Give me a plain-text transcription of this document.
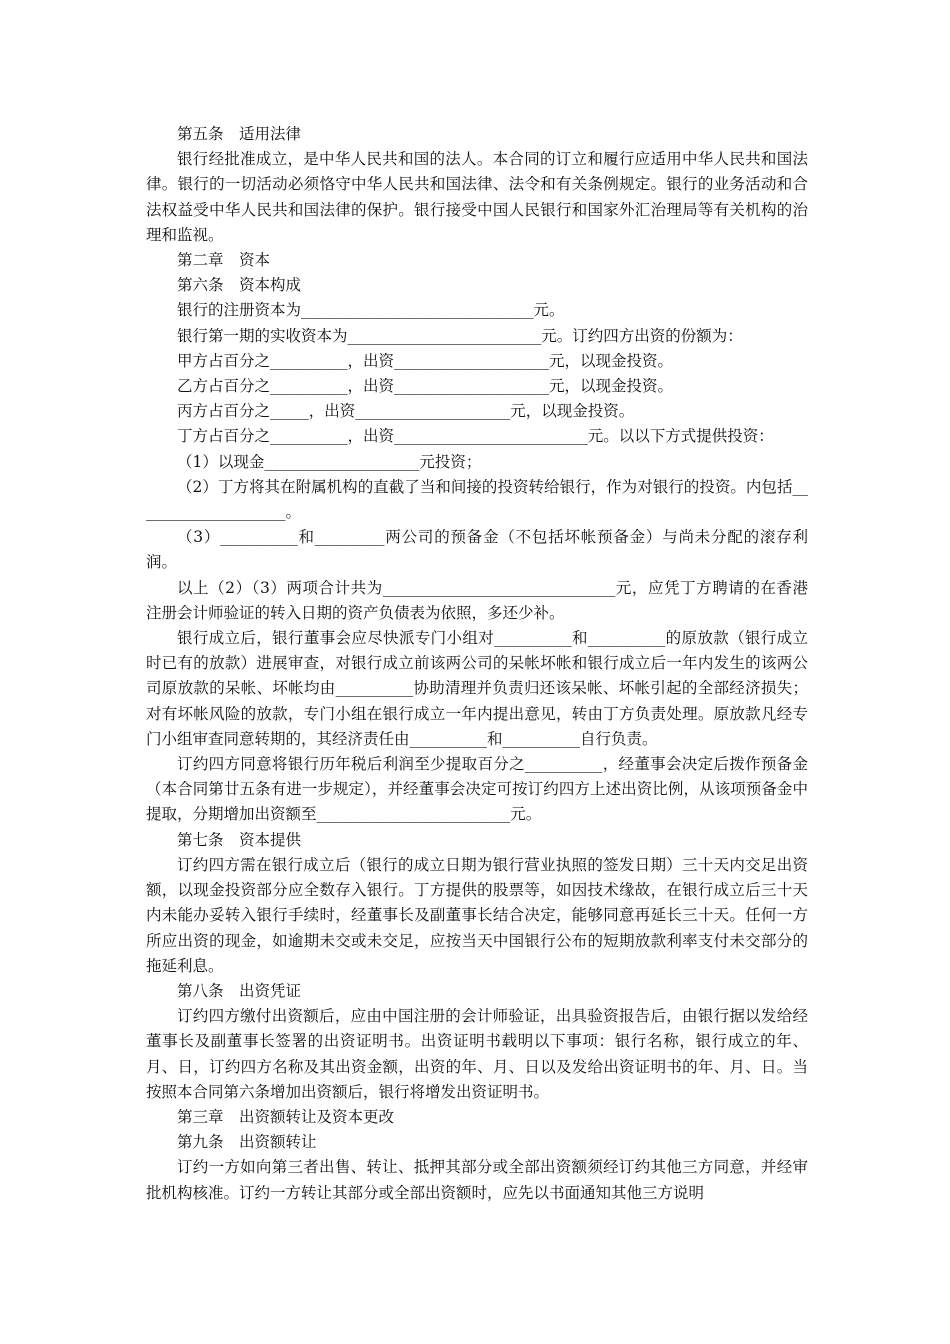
第五条　适用法律

银行经批准成立，是中华人民共和国的法人。本合同的订立和履行应适用中华人民共和国法律。银行的一切活动必须恪守中华人民共和国法律、法令和有关条例规定。银行的业务活动和合法权益受中华人民共和国法律的保护。银行接受中国人民银行和国家外汇治理局等有关机构的治理和监视。

第二章　资本

第六条　资本构成

银行的注册资本为______________________________元。

银行第一期的实收资本为_________________________元。订约四方出资的份额为：

甲方占百分之__________，出资____________________元，以现金投资。

乙方占百分之__________，出资____________________元，以现金投资。

丙方占百分之_____，出资____________________元，以现金投资。

丁方占百分之__________，出资_________________________元。以以下方式提供投资：

（1）以现金____________________元投资；

（2）丁方将其在附属机构的直截了当和间接的投资转给银行，作为对银行的投资。内包括____________________。

（3）__________和_________两公司的预备金（不包括坏帐预备金）与尚未分配的滚存利润。

以上（2）（3）两项合计共为______________________________元，应凭丁方聘请的在香港注册会计师验证的转入日期的资产负债表为依照，多还少补。

银行成立后，银行董事会应尽快派专门小组对__________和__________的原放款（银行成立时已有的放款）进展审查，对银行成立前该两公司的呆帐坏帐和银行成立后一年内发生的该两公司原放款的呆帐、坏帐均由__________协助清理并负责归还该呆帐、坏帐引起的全部经济损失；对有坏帐风险的放款，专门小组在银行成立一年内提出意见，转由丁方负责处理。原放款凡经专门小组审查同意转期的，其经济责任由__________和__________自行负责。

订约四方同意将银行历年税后利润至少提取百分之__________，经董事会决定后拨作预备金（本合同第廿五条有进一步规定），并经董事会决定可按订约四方上述出资比例，从该项预备金中提取，分期增加出资额至_________________________元。

第七条　资本提供

订约四方需在银行成立后（银行的成立日期为银行营业执照的签发日期）三十天内交足出资额，以现金投资部分应全数存入银行。丁方提供的股票等，如因技术缘故，在银行成立后三十天内未能办妥转入银行手续时，经董事长及副董事长结合决定，能够同意再延长三十天。任何一方所应出资的现金，如逾期未交或未交足，应按当天中国银行公布的短期放款利率支付未交部分的拖延利息。

第八条　出资凭证

订约四方缴付出资额后，应由中国注册的会计师验证，出具验资报告后，由银行据以发给经董事长及副董事长签署的出资证明书。出资证明书载明以下事项：银行名称，银行成立的年、月、日，订约四方名称及其出资金额，出资的年、月、日以及发给出资证明书的年、月、日。当按照本合同第六条增加出资额后，银行将增发出资证明书。

第三章　出资额转让及资本更改

第九条　出资额转让

订约一方如向第三者出售、转让、抵押其部分或全部出资额须经订约其他三方同意，并经审批机构核准。订约一方转让其部分或全部出资额时，应先以书面通知其他三方说明
